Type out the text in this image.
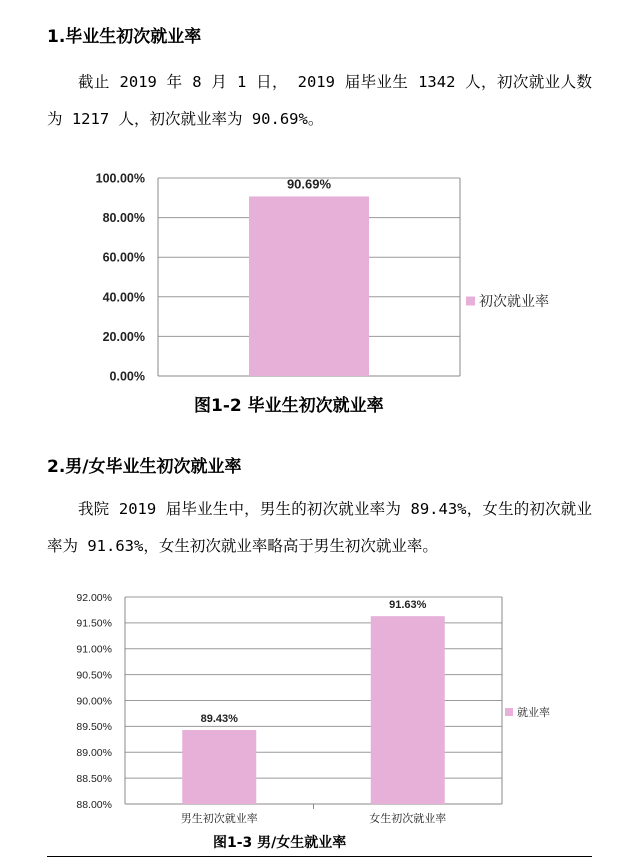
1.毕业生初次就业率

截止 2019 年 8 月 1 日， 2019 届毕业生 1342 人，初次就业人数为 1217 人，初次就业率为 90.69%。

0.00%
20.00%
40.00%
60.00%
80.00%
100.00%	90.69%
初次就业率
88.00%
88.50%
89.00%
89.50%
90.00%
90.50%
91.00%
91.50%
92.00%
89.43%
男生初次就业率
91.63%
女生初次就业率
就业率
图1-2 毕业生初次就业率
2.男/女毕业生初次就业率

我院 2019 届毕业生中，男生的初次就业率为 89.43%，女生的初次就业率为 91.63%，女生初次就业率略高于男生初次就业率。

图1-3 男/女生就业率
